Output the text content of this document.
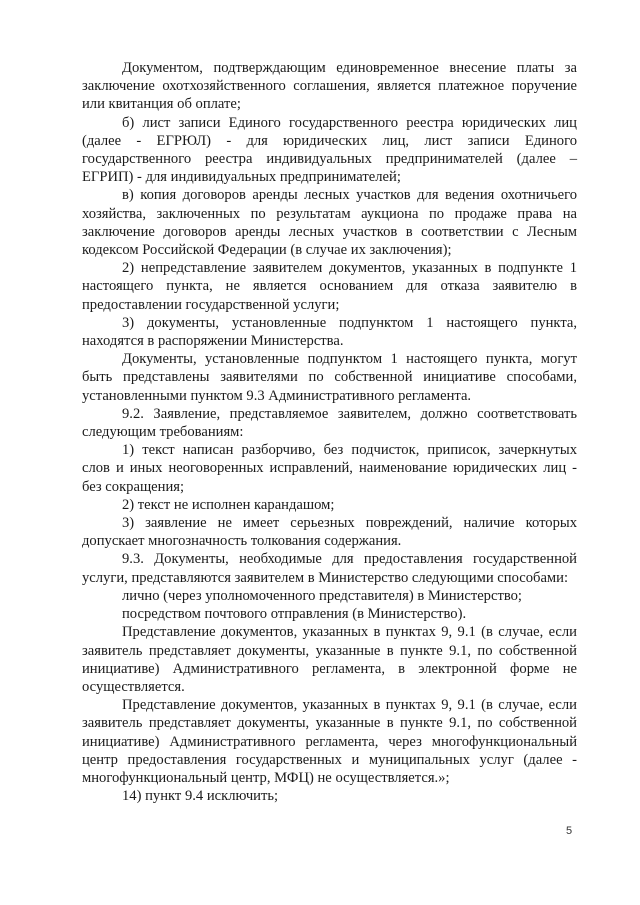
Документом, подтверждающим единовременное внесение платы за заключение охотхозяйственного соглашения, является платежное поручение или квитанция об оплате;

б) лист записи Единого государственного реестра юридических лиц (далее - ЕГРЮЛ) - для юридических лиц, лист записи Единого государственного реестра индивидуальных предпринимателей (далее – ЕГРИП) - для индивидуальных предпринимателей;

в) копия договоров аренды лесных участков для ведения охотничьего хозяйства, заключенных по результатам аукциона по продаже права на заключение договоров аренды лесных участков в соответствии с Лесным кодексом Российской Федерации (в случае их заключения);

2) непредставление заявителем документов, указанных в подпункте 1 настоящего пункта, не является основанием для отказа заявителю в предоставлении государственной услуги;

3) документы, установленные подпунктом 1 настоящего пункта, находятся в распоряжении Министерства.

Документы, установленные подпунктом 1 настоящего пункта, могут быть представлены заявителями по собственной инициативе способами, установленными пунктом 9.3 Административного регламента.

9.2. Заявление, представляемое заявителем, должно соответствовать следующим требованиям:

1) текст написан разборчиво, без подчисток, приписок, зачеркнутых слов и иных неоговоренных исправлений, наименование юридических лиц - без сокращения;

2) текст не исполнен карандашом;

3) заявление не имеет серьезных повреждений, наличие которых допускает многозначность толкования содержания.

9.3. Документы, необходимые для предоставления государственной услуги, представляются заявителем в Министерство следующими способами:

лично (через уполномоченного представителя) в Министерство;

посредством почтового отправления (в Министерство).

Представление документов, указанных в пунктах 9, 9.1 (в случае, если заявитель представляет документы, указанные в пункте 9.1, по собственной инициативе) Административного регламента, в электронной форме не осуществляется.

Представление документов, указанных в пунктах 9, 9.1 (в случае, если заявитель представляет документы, указанные в пункте 9.1, по собственной инициативе) Административного регламента, через многофункциональный центр предоставления государственных и муниципальных услуг (далее - многофункциональный центр, МФЦ) не осуществляется.»;

14) пункт 9.4 исключить;

5
